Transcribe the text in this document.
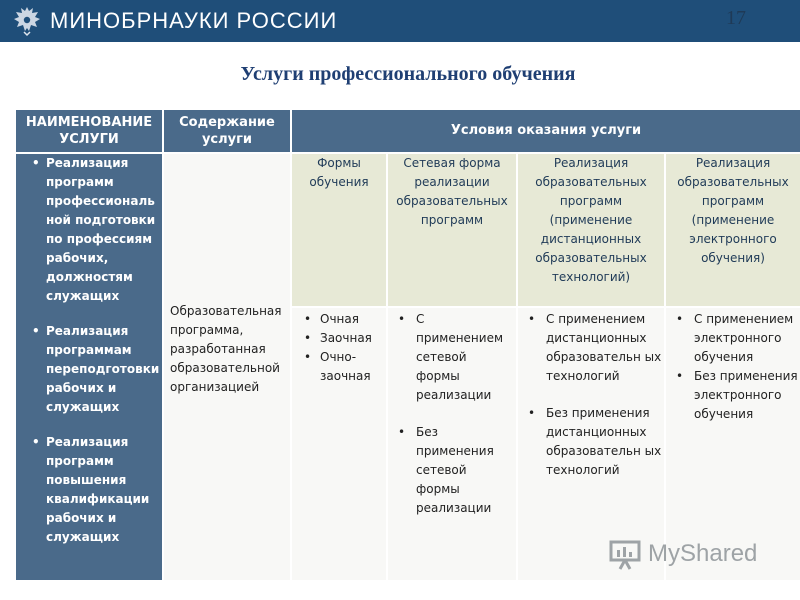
МИНОБРНАУКИ РОССИИ	17
Услуги профессионального обучения
НАИМЕНОВАНИЕ УСЛУГИ
Содержание услуги
Условия оказания услуги
• Реализация программ профессиональ ной подготовки по профессиям рабочих, должностям служащих
• Реализация программам переподготовки рабочих и служащих
• Реализация программ повышения квалификации рабочих и служащих
Образовательная программа, разработанная образовательной организацией
Формы обучения
Сетевая форма реализации образовательных программ
Реализация образовательных программ (применение дистанционных образовательных технологий)
Реализация образовательных программ (применение электронного обучения)
• Очная
• Заочная
• Очно-заочная
• С применением сетевой формы реализации
• Без применения сетевой формы реализации
• С применением дистанционных образовательн ых технологий
• Без применения дистанционных образовательн ых технологий
• С применением электронного обучения
• Без применения электронного обучения
MyShared
